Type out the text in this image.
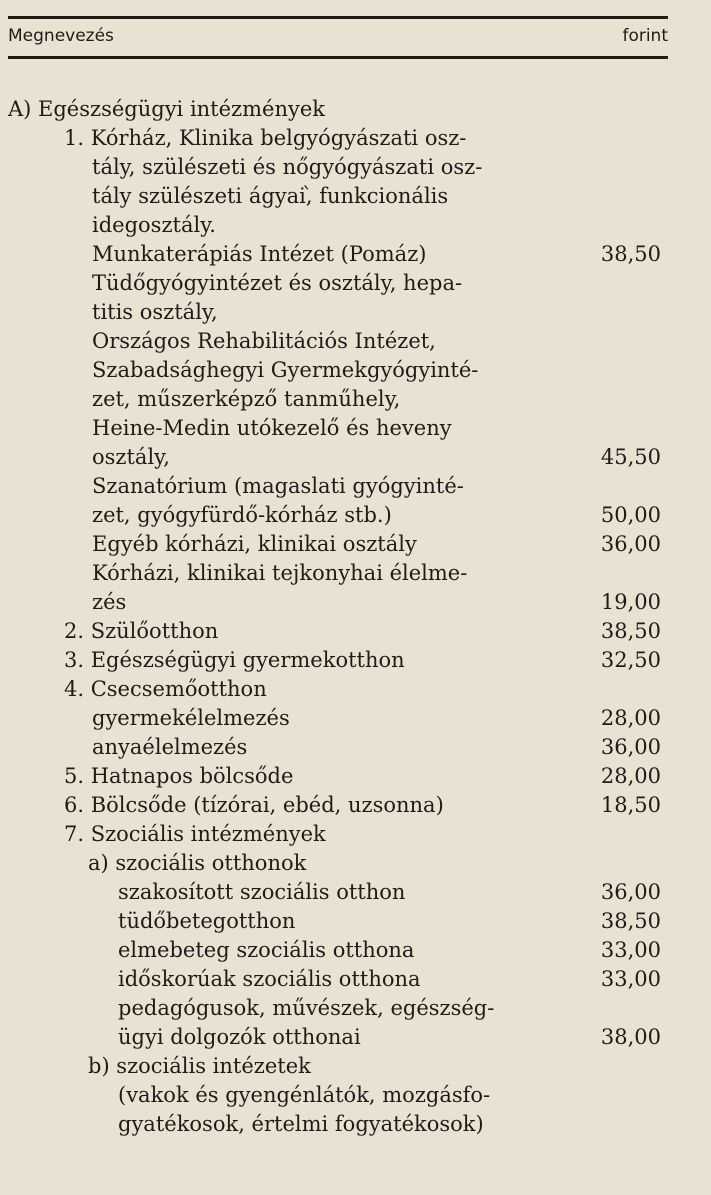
Megnevezés	forint
A) Egészségügyi intézmények
1. Kórház, Klinika belgyógyászati osz-
tály, szülészeti és nőgyógyászati osz-
tály szülészeti ágyai,̀ funkcionális
idegosztály.
Munkaterápiás Intézet (Pomáz)	38,50
Tüdőgyógyintézet és osztály, hepa-
titis osztály,
Országos Rehabilitációs Intézet,
Szabadsághegyi Gyermekgyógyinté-
zet, műszerképző tanműhely,
Heine-Medin utókezelő és heveny
osztály,	45,50
Szanatórium (magaslati gyógyinté-
zet, gyógyfürdő-kórház stb.)	50,00
Egyéb kórházi, klinikai osztály	36,00
Kórházi, klinikai tejkonyhai élelme-
zés	19,00
2. Szülőotthon	38,50
3. Egészségügyi gyermekotthon	32,50
4. Csecsemőotthon
gyermekélelmezés	28,00
anyaélelmezés	36,00
5. Hatnapos bölcsőde	28,00
6. Bölcsőde (tízórai, ebéd, uzsonna)	18,50
7. Szociális intézmények
a) szociális otthonok
szakosított szociális otthon	36,00
tüdőbetegotthon	38,50
elmebeteg szociális otthona	33,00
időskorúak szociális otthona	33,00
pedagógusok, művészek, egészség-
ügyi dolgozók otthonai	38,00
b) szociális intézetek
(vakok és gyengénlátók, mozgásfo-
gyatékosok, értelmi fogyatékosok)
